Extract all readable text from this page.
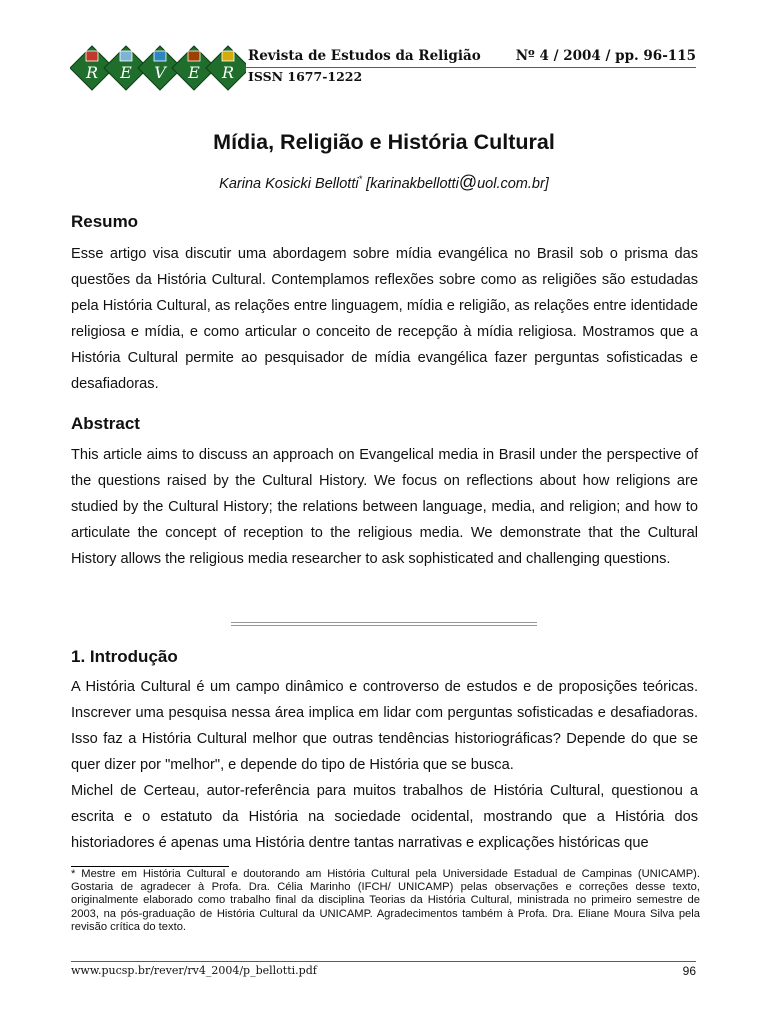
R E V E R
Revista de Estudos da Religião	Nº 4 / 2004 / pp. 96-115
ISSN 1677-1222
Mídia, Religião e História Cultural
Karina Kosicki Bellotti* [karinakbellotti@uol.com.br]
Resumo
Esse artigo visa discutir uma abordagem sobre mídia evangélica no Brasil sob o prisma das questões da História Cultural. Contemplamos reflexões sobre como as religiões são estudadas pela História Cultural, as relações entre linguagem, mídia e religião, as relações entre identidade religiosa e mídia, e como articular o conceito de recepção à mídia religiosa. Mostramos que a História Cultural permite ao pesquisador de mídia evangélica fazer perguntas sofisticadas e desafiadoras.
Abstract
This article aims to discuss an approach on Evangelical media in Brasil under the perspective of the questions raised by the Cultural History. We focus on reflections about how religions are studied by the Cultural History; the relations between language, media, and religion; and how to articulate the concept of reception to the religious media. We demonstrate that the Cultural History allows the religious media researcher to ask sophisticated and challenging questions.
1. Introdução
A História Cultural é um campo dinâmico e controverso de estudos e de proposições teóricas. Inscrever uma pesquisa nessa área implica em lidar com perguntas sofisticadas e desafiadoras. Isso faz a História Cultural melhor que outras tendências historiográficas? Depende do que se quer dizer por "melhor", e depende do tipo de História que se busca.
Michel de Certeau, autor-referência para muitos trabalhos de História Cultural, questionou a escrita e o estatuto da História na sociedade ocidental, mostrando que a História dos historiadores é apenas uma História dentre tantas narrativas e explicações históricas que
* Mestre em História Cultural e doutorando am História Cultural pela Universidade Estadual de Campinas (UNICAMP). Gostaria de agradecer à Profa. Dra. Célia Marinho (IFCH/ UNICAMP) pelas observações e correções desse texto, originalmente elaborado como trabalho final da disciplina Teorias da História Cultural, ministrada no primeiro semestre de 2003, na pós-graduação de História Cultural da UNICAMP. Agradecimentos também à Profa. Dra. Eliane Moura Silva pela revisão crítica do texto.
www.pucsp.br/rever/rv4_2004/p_bellotti.pdf	96
